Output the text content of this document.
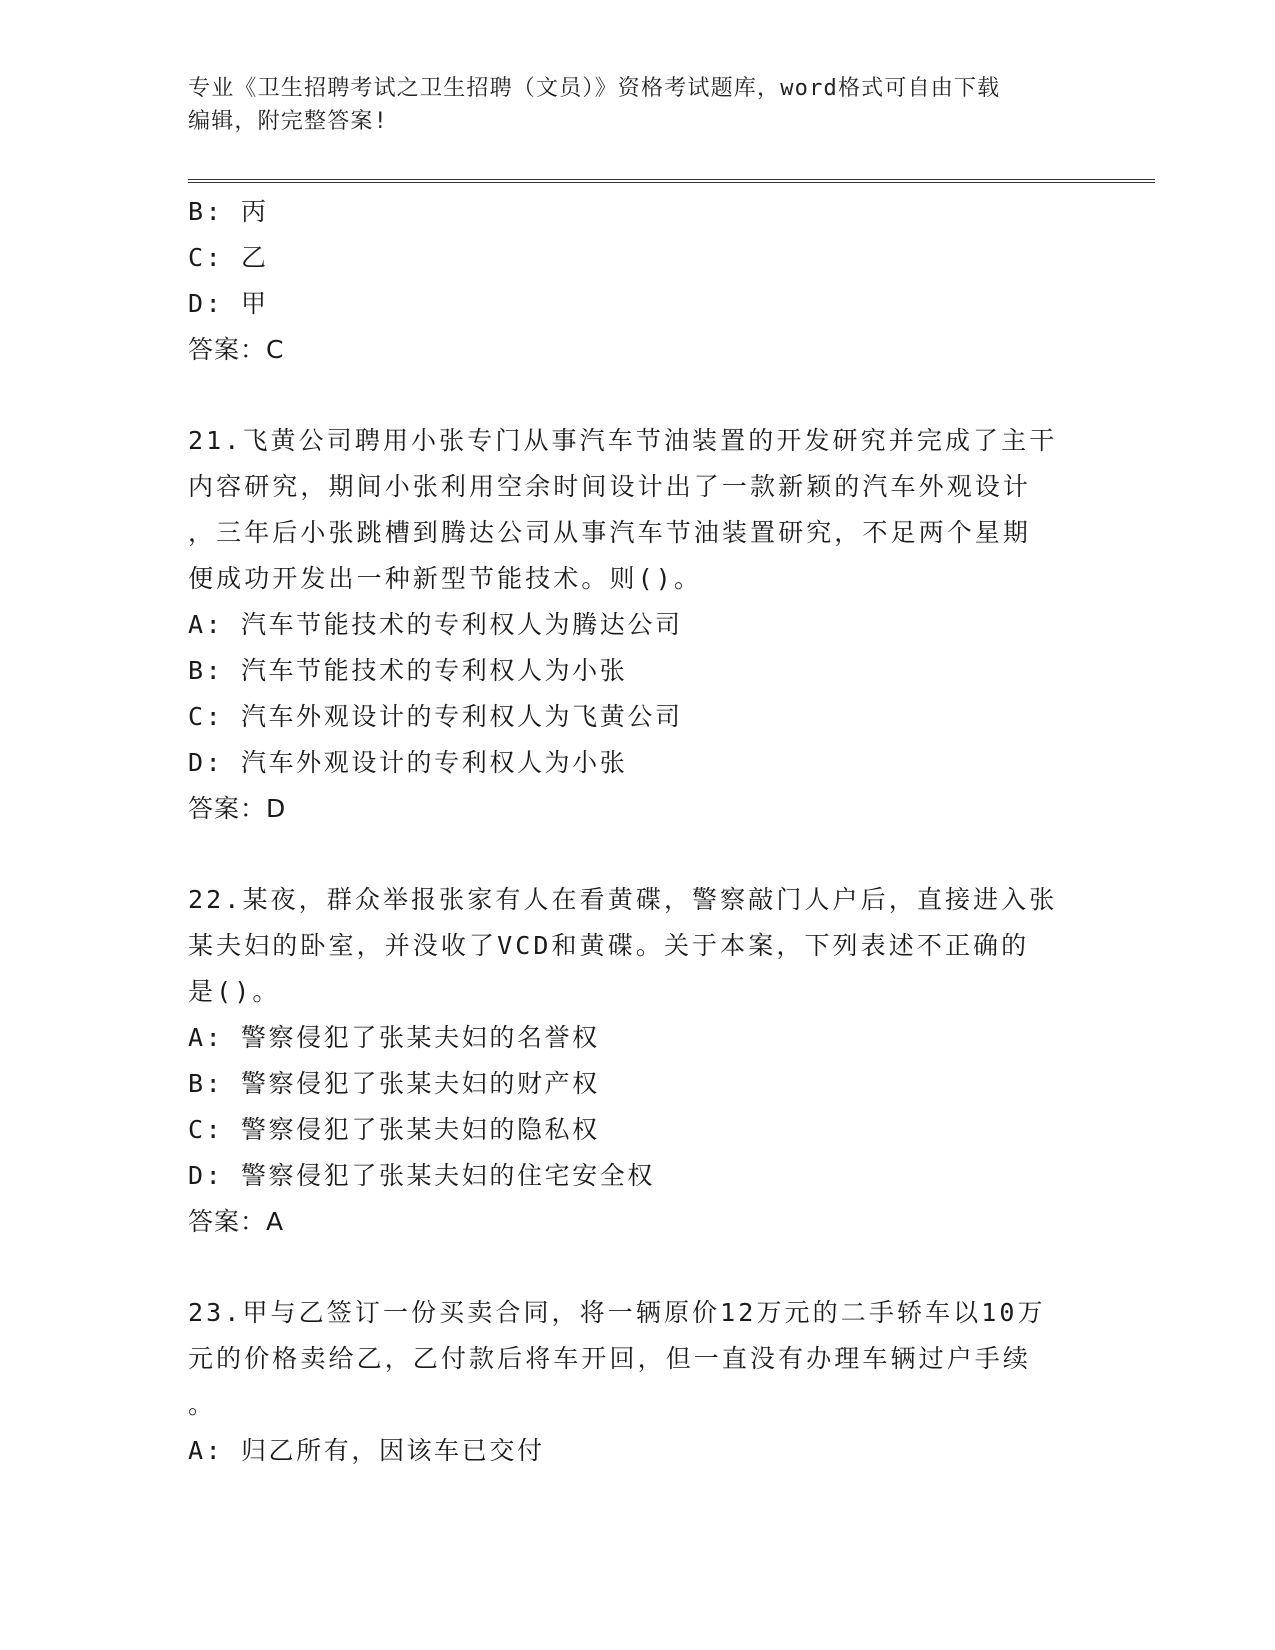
专业《卫生招聘考试之卫生招聘（文员）》资格考试题库，word格式可自由下载
编辑，附完整答案!
B: 丙
C: 乙
D: 甲
答案：C
21.飞黄公司聘用小张专门从事汽车节油装置的开发研究并完成了主干
内容研究，期间小张利用空余时间设计出了一款新颖的汽车外观设计
，三年后小张跳槽到腾达公司从事汽车节油装置研究，不足两个星期
便成功开发出一种新型节能技术。则()。
A: 汽车节能技术的专利权人为腾达公司
B: 汽车节能技术的专利权人为小张
C: 汽车外观设计的专利权人为飞黄公司
D: 汽车外观设计的专利权人为小张
答案：D
22.某夜，群众举报张家有人在看黄碟，警察敲门人户后，直接进入张
某夫妇的卧室，并没收了VCD和黄碟。关于本案，下列表述不正确的
是()。
A: 警察侵犯了张某夫妇的名誉权
B: 警察侵犯了张某夫妇的财产权
C: 警察侵犯了张某夫妇的隐私权
D: 警察侵犯了张某夫妇的住宅安全权
答案：A
23.甲与乙签订一份买卖合同，将一辆原价12万元的二手轿车以10万
元的价格卖给乙，乙付款后将车开回，但一直没有办理车辆过户手续
。
A: 归乙所有，因该车已交付
